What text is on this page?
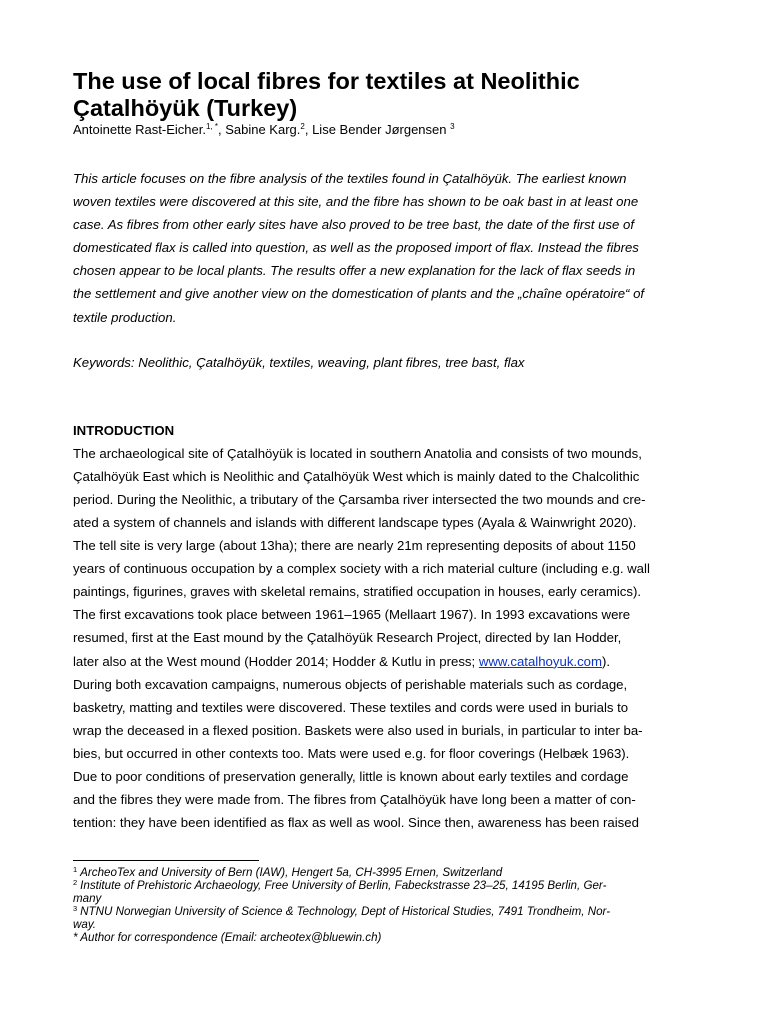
The use of local fibres for textiles at Neolithic
Çatalhöyük (Turkey)
Antoinette Rast-Eicher.$^{1, *}$, Sabine Karg.$^2$, Lise Bender Jørgensen $^3$
This article focuses on the fibre analysis of the textiles found in Çatalhöyük. The earliest known
woven textiles were discovered at this site, and the fibre has shown to be oak bast in at least one
case. As fibres from other early sites have also proved to be tree bast, the date of the first use of
domesticated flax is called into question, as well as the proposed import of flax. Instead the fibres
chosen appear to be local plants. The results offer a new explanation for the lack of flax seeds in
the settlement and give another view on the domestication of plants and the „chaîne opératoire“ of
textile production.
Keywords: Neolithic, Çatalhöyük, textiles, weaving, plant fibres, tree bast, flax
INTRODUCTION
The archaeological site of Çatalhöyük is located in southern Anatolia and consists of two mounds,
Çatalhöyük East which is Neolithic and Çatalhöyük West which is mainly dated to the Chalcolithic
period. During the Neolithic, a tributary of the Çarsamba river intersected the two mounds and cre-
ated a system of channels and islands with different landscape types (Ayala & Wainwright 2020).
The tell site is very large (about 13ha); there are nearly 21m representing deposits of about 1150
years of continuous occupation by a complex society with a rich material culture (including e.g. wall
paintings, figurines, graves with skeletal remains, stratified occupation in houses, early ceramics).
The first excavations took place between 1961–1965 (Mellaart 1967). In 1993 excavations were
resumed, first at the East mound by the Çatalhöyük Research Project, directed by Ian Hodder,
later also at the West mound (Hodder 2014; Hodder & Kutlu in press; www.catalhoyuk.com).
During both excavation campaigns, numerous objects of perishable materials such as cordage,
basketry, matting and textiles were discovered. These textiles and cords were used in burials to
wrap the deceased in a flexed position. Baskets were also used in burials, in particular to inter ba-
bies, but occurred in other contexts too. Mats were used e.g. for floor coverings (Helbæk 1963).
Due to poor conditions of preservation generally, little is known about early textiles and cordage
and the fibres they were made from. The fibres from Çatalhöyük have long been a matter of con-
tention: they have been identified as flax as well as wool. Since then, awareness has been raised
$^1$ ArcheoTex and University of Bern (IAW), Hengert 5a, CH-3995 Ernen, Switzerland
$^2$ Institute of Prehistoric Archaeology, Free University of Berlin, Fabeckstrasse 23–25, 14195 Berlin, Ger-
many
$^3$ NTNU Norwegian University of Science & Technology, Dept of Historical Studies, 7491 Trondheim, Nor-
way.
* Author for correspondence (Email: archeotex@bluewin.ch)
